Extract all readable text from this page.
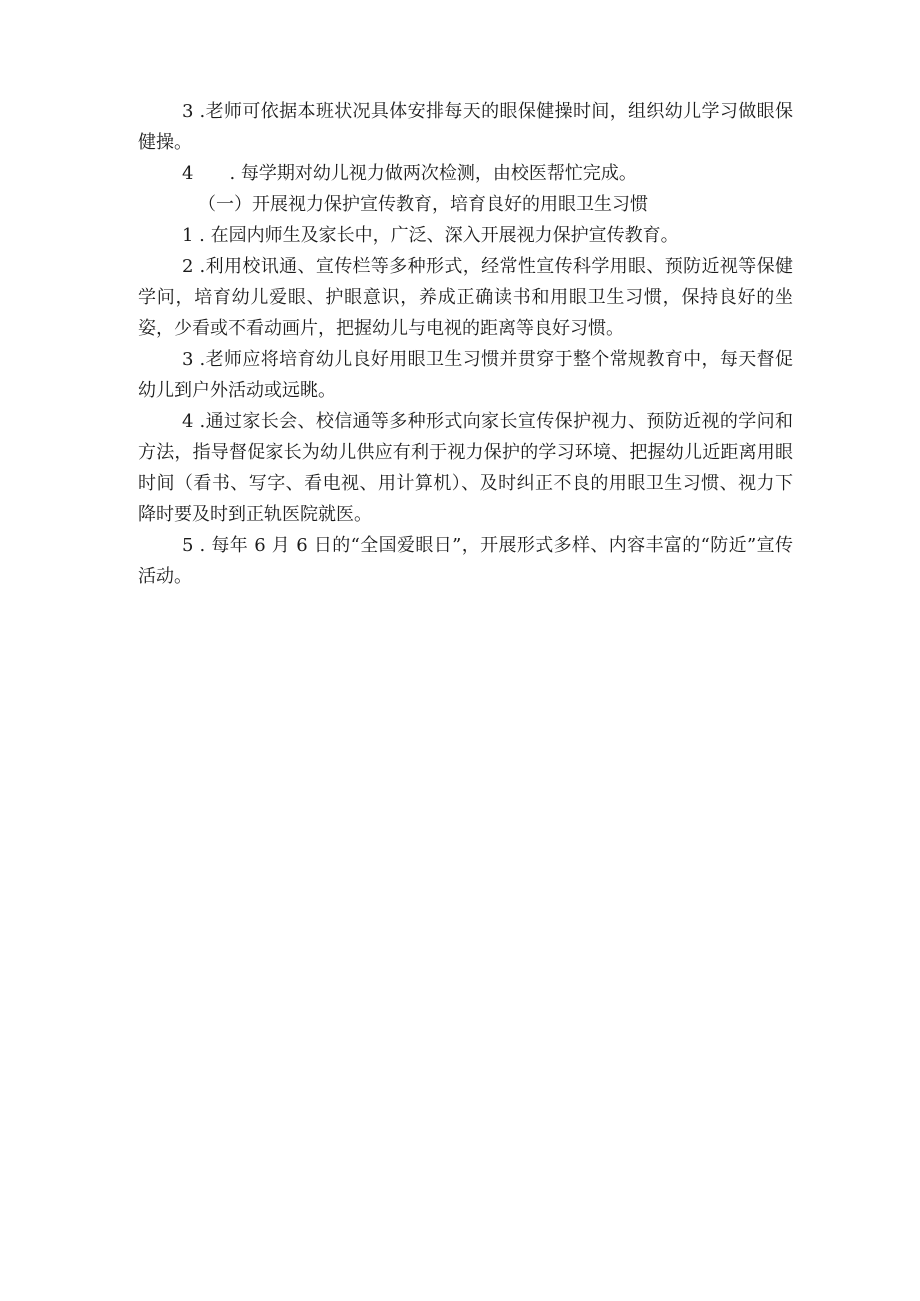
3 .老师可依据本班状况具体安排每天的眼保健操时间，组织幼儿学习做眼保健操。

4　　. 每学期对幼儿视力做两次检测，由校医帮忙完成。

（一）开展视力保护宣传教育，培育良好的用眼卫生习惯

1 . 在园内师生及家长中，广泛、深入开展视力保护宣传教育。

2 .利用校讯通、宣传栏等多种形式，经常性宣传科学用眼、预防近视等保健学问，培育幼儿爱眼、护眼意识，养成正确读书和用眼卫生习惯，保持良好的坐姿，少看或不看动画片，把握幼儿与电视的距离等良好习惯。

3 .老师应将培育幼儿良好用眼卫生习惯并贯穿于整个常规教育中，每天督促幼儿到户外活动或远眺。

4 .通过家长会、校信通等多种形式向家长宣传保护视力、预防近视的学问和方法，指导督促家长为幼儿供应有利于视力保护的学习环境、把握幼儿近距离用眼时间（看书、写字、看电视、用计算机）、及时纠正不良的用眼卫生习惯、视力下降时要及时到正轨医院就医。

5 . 每年 6 月 6 日的“全国爱眼日”，开展形式多样、内容丰富的“防近”宣传活动。
